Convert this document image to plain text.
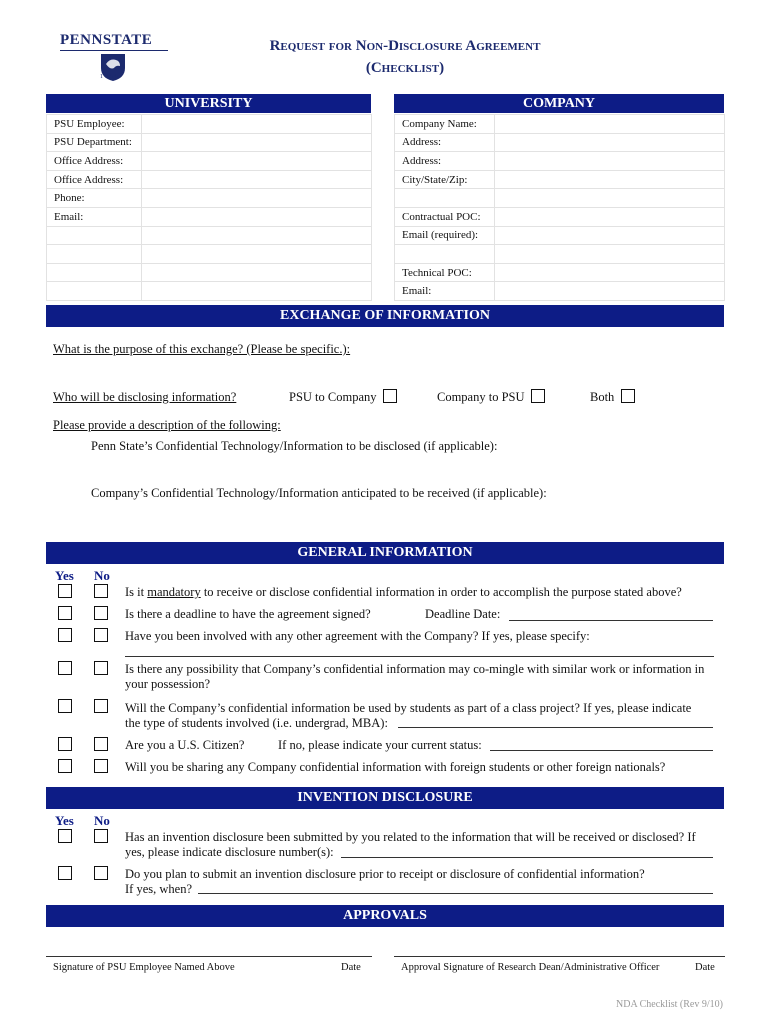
PENNSTATE
1855
Request for Non-Disclosure Agreement
(Checklist)
UNIVERSITY	COMPANY
PSU Employee:	
PSU Department:	
Office Address:	
Office Address:	
Phone:	
Email:	

Company Name:	
Address:	
Address:	
City/State/Zip:	

Contractual POC:	
Email (required):	

Technical POC:	
Email:	
EXCHANGE OF INFORMATION
What is the purpose of this exchange? (Please be specific.):
Who will be disclosing information?	PSU to Company	Company to PSU	Both
Please provide a description of the following:
Penn State’s Confidential Technology/Information to be disclosed (if applicable):
Company’s Confidential Technology/Information anticipated to be received (if applicable):
GENERAL INFORMATION
Yes No
Is it mandatory to receive or disclose confidential information in order to accomplish the purpose stated above?
Is there a deadline to have the agreement signed?	Deadline Date:
Have you been involved with any other agreement with the Company? If yes, please specify:
Is there any possibility that Company’s confidential information may co-mingle with similar work or information in
your possession?
Will the Company’s confidential information be used by students as part of a class project? If yes, please indicate
the type of students involved (i.e. undergrad, MBA):
Are you a U.S. Citizen?	If no, please indicate your current status:
Will you be sharing any Company confidential information with foreign students or other foreign nationals?
INVENTION DISCLOSURE
Yes No
Has an invention disclosure been submitted by you related to the information that will be received or disclosed? If
yes, please indicate disclosure number(s):
Do you plan to submit an invention disclosure prior to receipt or disclosure of confidential information?
If yes, when?
APPROVALS
Signature of PSU Employee Named Above	Date	Approval Signature of Research Dean/Administrative Officer	Date
NDA Checklist (Rev 9/10)
